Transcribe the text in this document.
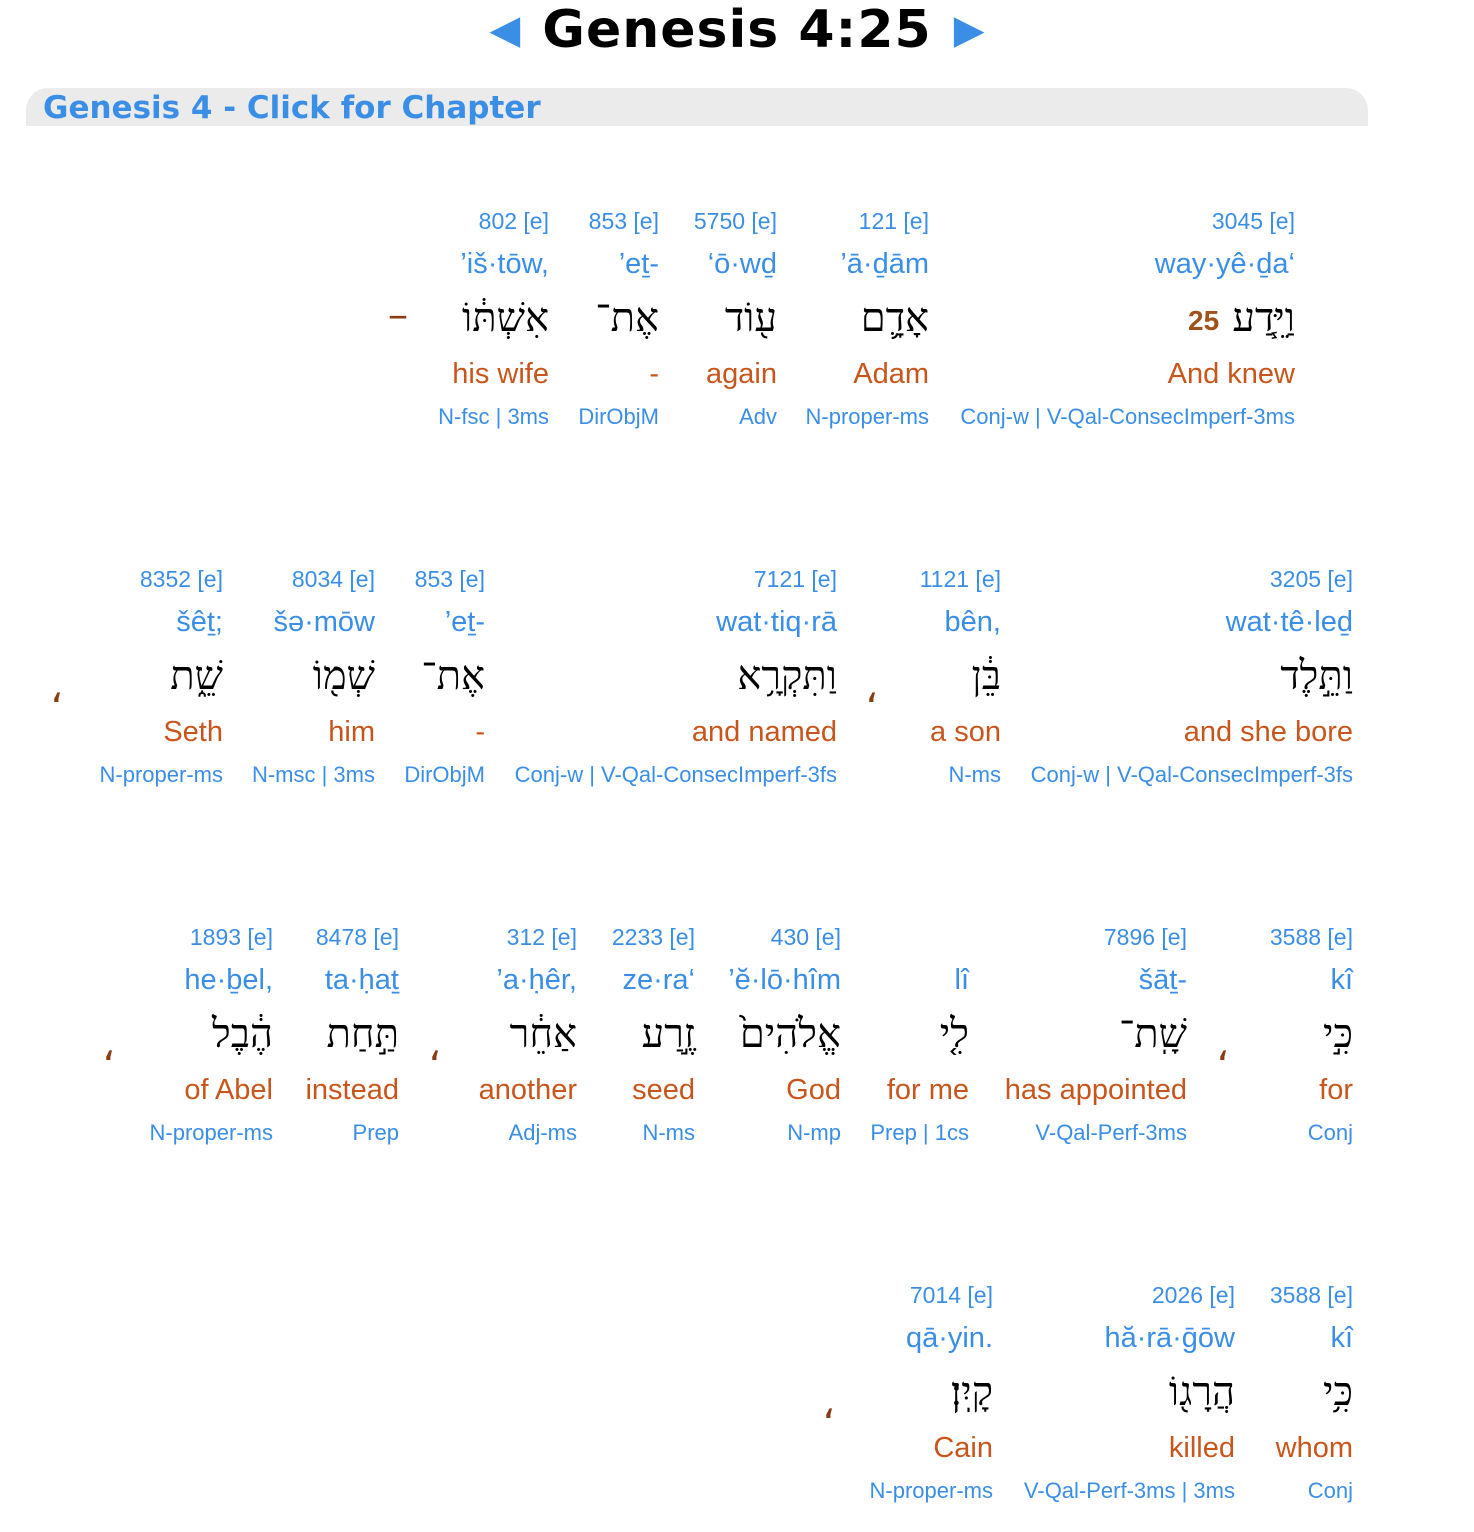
◀ Genesis 4:25 ▶
Genesis 4 - Click for Chapter
3045 [e]
way·yê·ḏa‘
וַיֵּ֧דַע
And knew
Conj-w | V-Qal-ConsecImperf-3ms
121 [e]
’ā·ḏām
אָדָ֛ם
Adam
N-proper-ms
5750 [e]
‘ō·wḏ
ע֖וֹד
again
Adv
853 [e]
’eṯ-
אֶת־
-
DirObjM
802 [e]
’iš·tōw,
אִשְׁתּ֔וֹ
his wife
N-fsc | 3ms
3205 [e]
wat·tê·leḏ
וַתֵּ֣לֶד
and she bore
Conj-w | V-Qal-ConsecImperf-3fs
1121 [e]
bên,
בֵּ֔ן
a son
N-ms
7121 [e]
wat·tiq·rā
וַתִּקְרָ֥א
and named
Conj-w | V-Qal-ConsecImperf-3fs
853 [e]
’eṯ-
אֶת־
-
DirObjM
8034 [e]
šə·mōw
שְׁמ֖וֹ
him
N-msc | 3ms
8352 [e]
šêṯ;
שֵׁ֑ת
Seth
N-proper-ms
3588 [e]
kî
כִּ֣י
for
Conj
7896 [e]
šāṯ-
שָֽׁת־
has appointed
V-Qal-Perf-3ms
lî
לִ֤י
for me
Prep | 1cs
430 [e]
’ĕ·lō·hîm
אֱלֹהִים֙
God
N-mp
2233 [e]
ze·ra‘
זֶ֣רַע
seed
N-ms
312 [e]
’a·ḥêr,
אַחֵ֔ר
another
Adj-ms
8478 [e]
ta·ḥaṯ
תַּ֣חַת
instead
Prep
1893 [e]
he·ḇel,
הֶ֔בֶל
of Abel
N-proper-ms
3588 [e]
kî
כִּ֥י
whom
Conj
2026 [e]
hă·rā·ḡōw
הֲרָג֖וֹ
killed
V-Qal-Perf-3ms | 3ms
7014 [e]
qā·yin.
קָֽיִן׃
Cain
N-proper-ms
25
–
،
،
،
،
،
،
